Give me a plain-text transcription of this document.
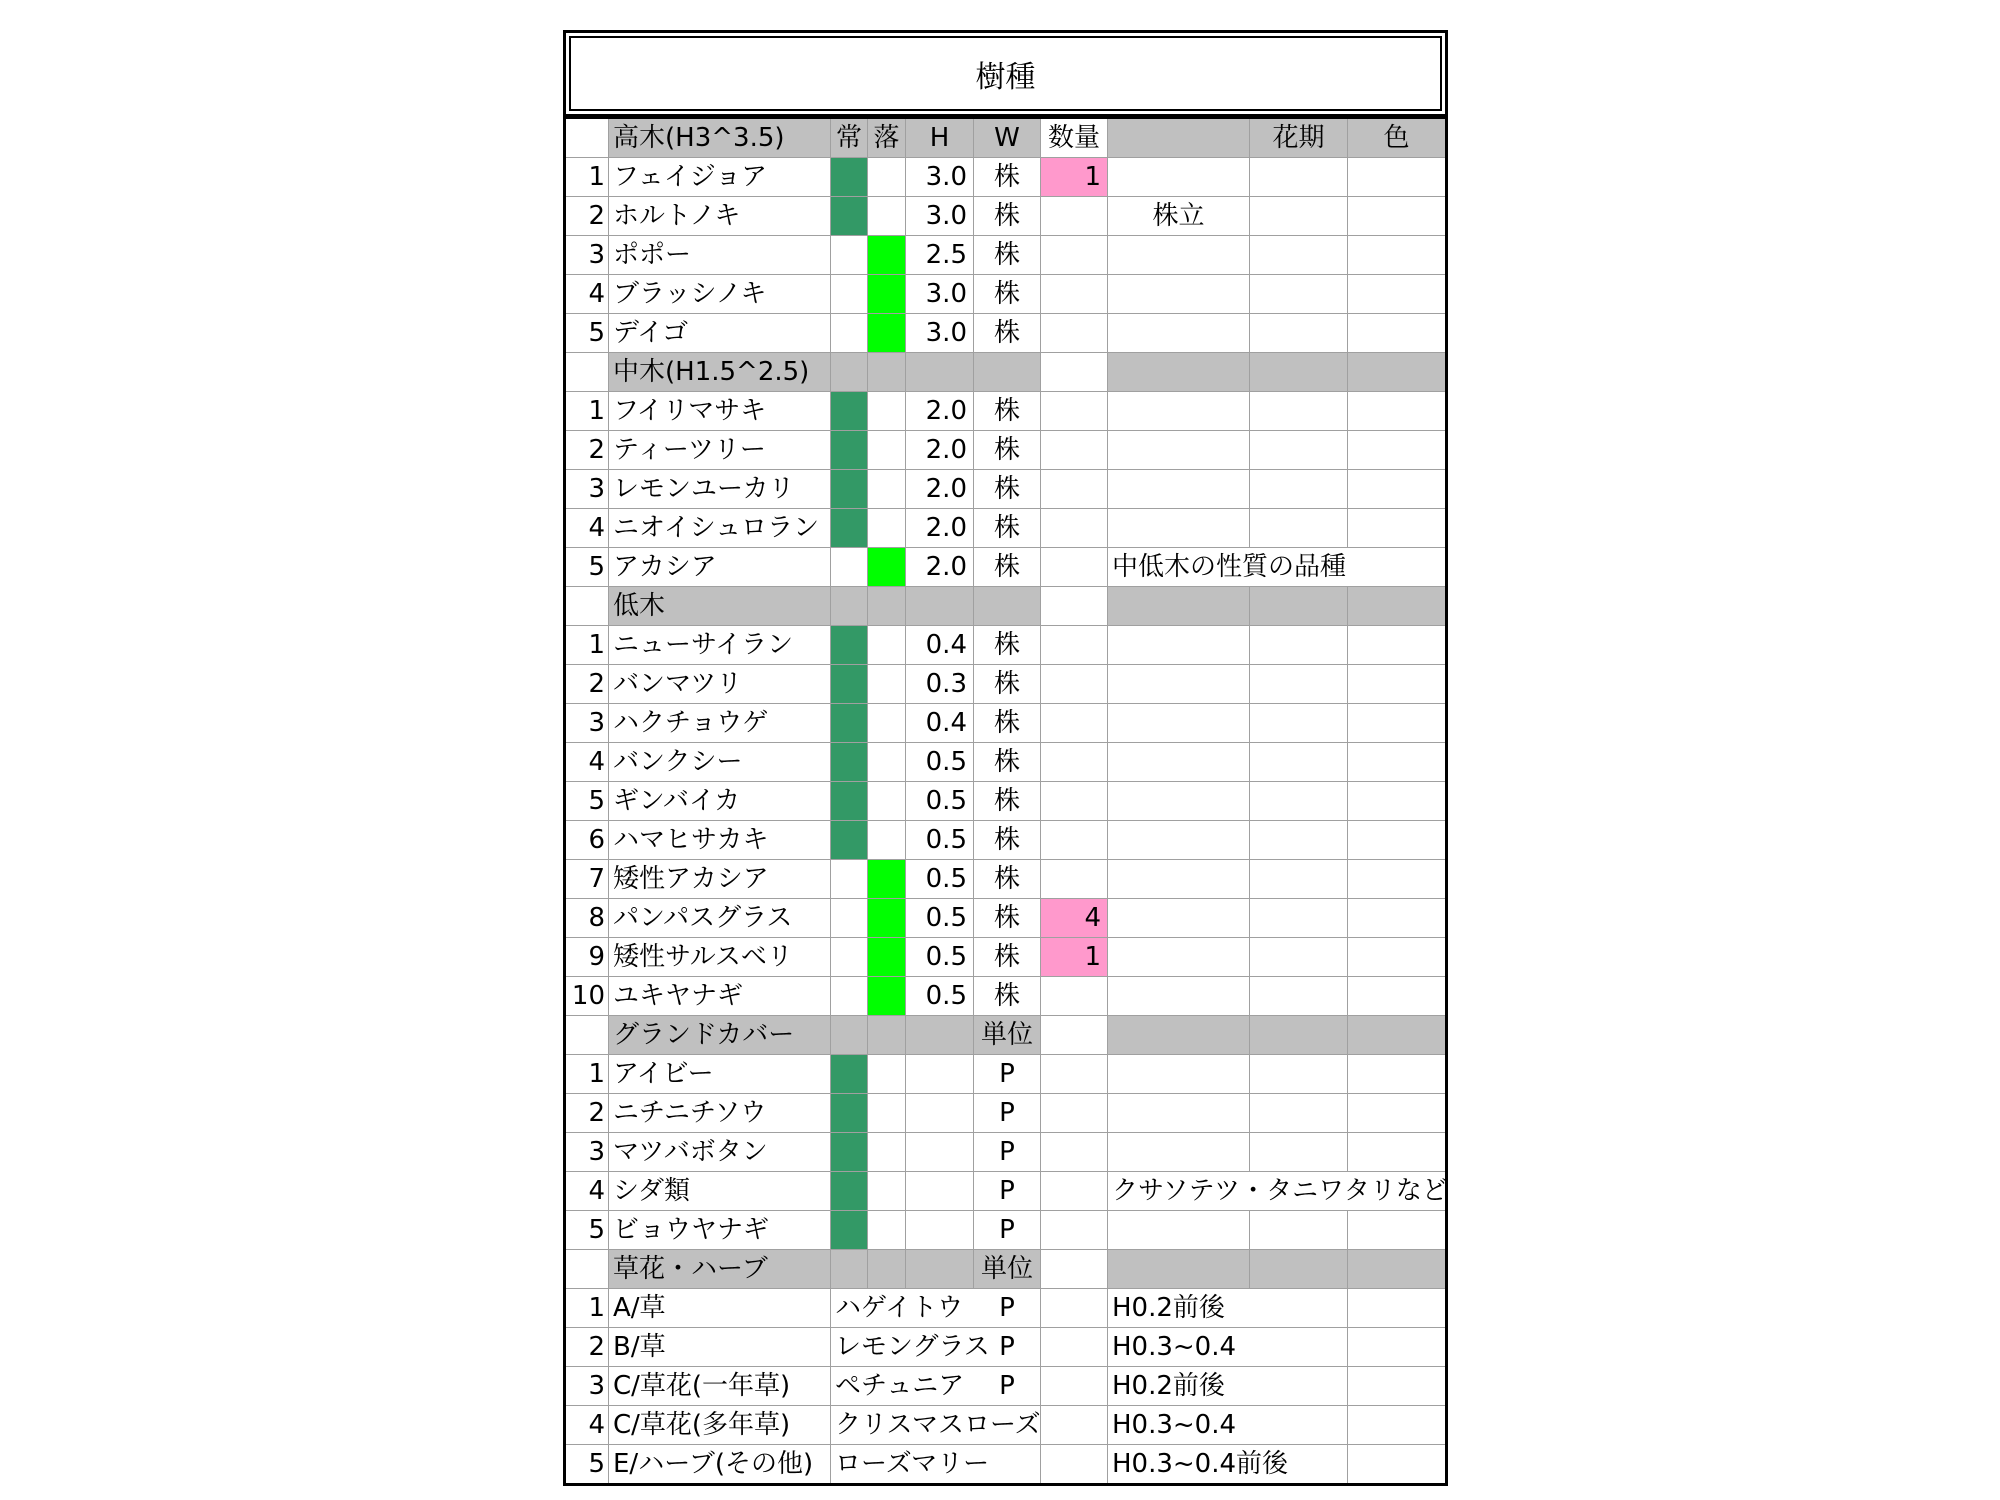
樹種
	高木(H3^3.5)	常	落	H	W	数量		花期	色
1	フェイジョア			3.0	株	1			
2	ホルトノキ			3.0	株		株立		
3	ポポー			2.5	株				
4	ブラッシノキ			3.0	株				
5	デイゴ			3.0	株				
	中木(H1.5^2.5)								
1	フイリマサキ			2.0	株				
2	ティーツリー			2.0	株				
3	レモンユーカリ			2.0	株				
4	ニオイシュロラン			2.0	株				
5	アカシア			2.0	株		中低木の性質の品種		
	低木								
1	ニューサイラン			0.4	株				
2	バンマツリ			0.3	株				
3	ハクチョウゲ			0.4	株				
4	バンクシー			0.5	株				
5	ギンバイカ			0.5	株				
6	ハマヒサカキ			0.5	株				
7	矮性アカシア			0.5	株				
8	パンパスグラス			0.5	株	4			
9	矮性サルスベリ			0.5	株	1			
10	ユキヤナギ			0.5	株				
	グランドカバー				単位				
1	アイビー				P				
2	ニチニチソウ				P				
3	マツバボタン				P				
4	シダ類				P		クサソテツ・タニワタリなど		
5	ビョウヤナギ				P				
	草花・ハーブ				単位				
1	A/草	ハゲイトウ			P		H0.2前後		
2	B/草	レモングラス			P		H0.3~0.4		
3	C/草花(一年草)	ペチュニア			P		H0.2前後		
4	C/草花(多年草)	クリスマスローズ					H0.3~0.4		
5	E/ハーブ(その他)	ローズマリー					H0.3~0.4前後		
